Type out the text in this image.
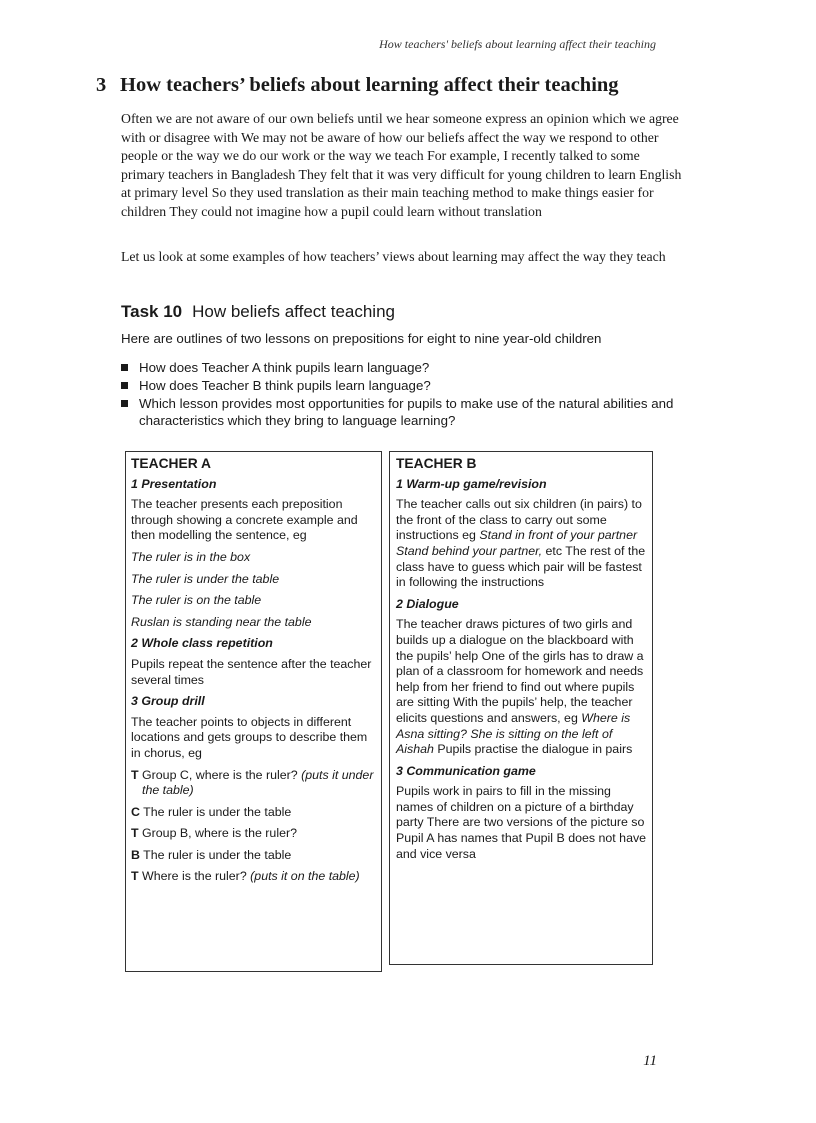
How teachers' beliefs about learning affect their teaching
3 How teachers’ beliefs about learning affect their teaching

Often we are not aware of our own beliefs until we hear someone express an opinion which we agree with or disagree with We may not be aware of how our beliefs affect the way we respond to other people or the way we do our work or the way we teach For example, I recently talked to some primary teachers in Bangladesh They felt that it was very difficult for young children to learn English at primary level So they used translation as their main teaching method to make things easier for children They could not imagine how a pupil could learn without translation

Let us look at some examples of how teachers’ views about learning may affect the way they teach

Task 10 How beliefs affect teaching

Here are outlines of two lessons on prepositions for eight to nine year-old children

How does Teacher A think pupils learn language?
How does Teacher B think pupils learn language?
Which lesson provides most opportunities for pupils to make use of the natural abilities and characteristics which they bring to language learning?
TEACHER A
1 Presentation
The teacher presents each preposition through showing a concrete example and then modelling the sentence, eg
The ruler is in the box
The ruler is under the table
The ruler is on the table
Ruslan is standing near the table
2 Whole class repetition
Pupils repeat the sentence after the teacher several times
3 Group drill
The teacher points to objects in different locations and gets groups to describe them in chorus, eg
T Group C, where is the ruler? (puts it under the table)
C The ruler is under the table
T Group B, where is the ruler?
B The ruler is under the table
T Where is the ruler? (puts it on the table)
TEACHER B
1 Warm-up game/revision
The teacher calls out six children (in pairs) to the front of the class to carry out some instructions eg Stand in front of your partner Stand behind your partner, etc The rest of the class have to guess which pair will be fastest in following the instructions
2 Dialogue
The teacher draws pictures of two girls and builds up a dialogue on the blackboard with the pupils’ help One of the girls has to draw a plan of a classroom for homework and needs help from her friend to find out where pupils are sitting With the pupils’ help, the teacher elicits questions and answers, eg Where is Asna sitting? She is sitting on the left of Aishah Pupils practise the dialogue in pairs
3 Communication game
Pupils work in pairs to fill in the missing names of children on a picture of a birthday party There are two versions of the picture so Pupil A has names that Pupil B does not have and vice versa
11
